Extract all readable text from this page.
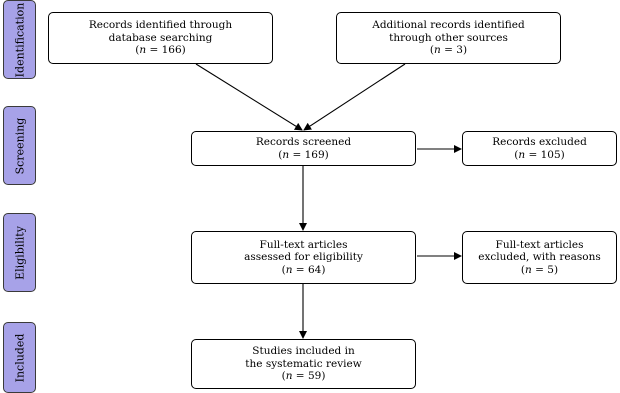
Identification
Screening
Eligibility
Included
Records identified through
database searching
(n = 166)
Additional records identified
through other sources
(n = 3)
Records screened
(n = 169)
Records excluded
(n = 105)
Full-text articles
assessed for eligibility
(n = 64)
Full-text articles
excluded, with reasons
(n = 5)
Studies included in
the systematic review
(n = 59)
